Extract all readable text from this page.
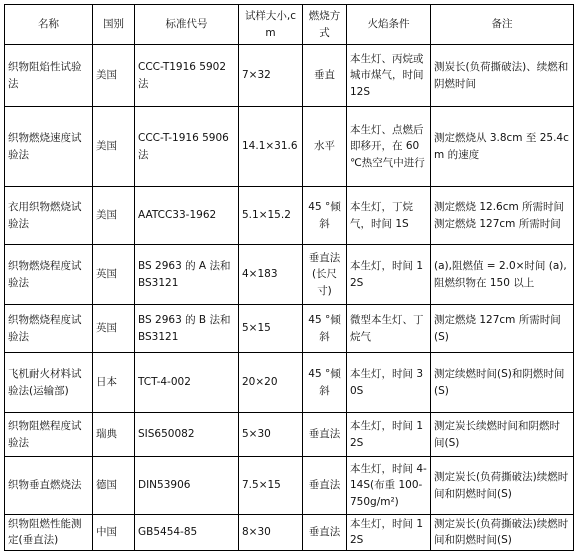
名称	国别	标准代号	试样大小,cm	燃烧方式	火焰条件	备注
织物阻焰性试验法	美国	CCC-T1916 5902 法	7×32	垂直	本生灯、丙烷或城市煤气，时间 12S	测炭长(负荷撕破法)、续燃和阴燃时间
织物燃烧速度试验法	美国	CCC-T-1916 5906 法	14.1×31.6	水平	本生灯、点燃后即移开，在 60 ℃热空气中进行	测定燃烧从 3.8cm 至 25.4cm 的速度
衣用织物燃烧试验法	美国	AATCC33-1962	5.1×15.2	45 °倾斜	本生灯，丁烷气，时间 1S	测定燃烧 12.6cm 所需时间测定燃烧 127cm 所需时间
织物燃烧程度试验法	英国	BS 2963 的 A 法和 BS3121	4×183	垂直法(长尺寸)	本生灯，时间 12S	(a),阻燃值 = 2.0×时间 (a),阻燃织物在 150 以上
织物燃烧程度试验法	英国	BS 2963 的 B 法和 BS3121	5×15	45 °倾斜	微型本生灯、丁烷气	测定燃烧 127cm 所需时间(S)
飞机耐火材料试验法(运输部)	日本	TCT-4-002	20×20	45 °倾斜	本生灯，时间 30S	测定续燃时间(S)和阴燃时间(S)
织物阻燃程度试验法	瑞典	SIS650082	5×30	垂直法	本生灯，时间 12S	测定炭长续燃时间和阴燃时间(S)
织物垂直燃烧法	德国	DIN53906	7.5×15	垂直法	本生灯，时间 4-14S(布重 100-750g/m²)	测定炭长(负荷撕破法)续燃时间和阴燃时间(S)
织物阻燃性能测定(垂直法)	中国	GB5454-85	8×30	垂直法	本生灯，时间 12S	测定炭长(负荷撕破法)续燃时间和阴燃时间(S)
